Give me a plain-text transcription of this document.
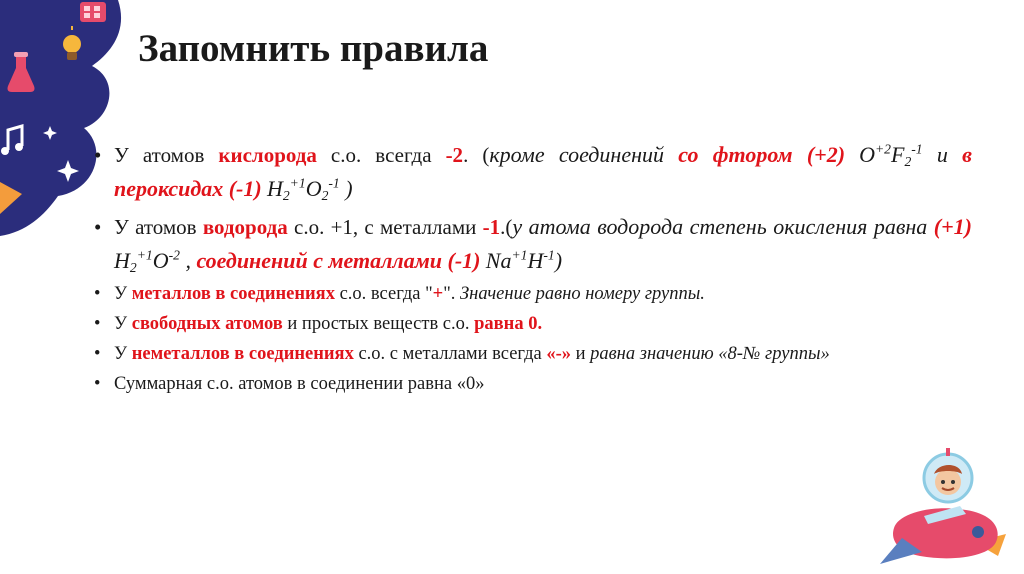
Запомнить правила
• У атомов кислорода с.о. всегда -2. (кроме соединений со фтором (+2) $O^{+2}F_2^{-1}$ и в пероксидах (-1) $H_2^{+1}O_2^{-1}$ )
• У атомов водорода с.о. +1, с металлами -1.(у атома водорода степень окисления равна (+1) $H_2^{+1}O^{-2}$ , соединений с металлами (-1) $Na^{+1}H^{-1}$)
• У металлов в соединениях с.о. всегда "+". Значение равно номеру группы.
• У свободных атомов и простых веществ с.о. равна 0.
• У неметаллов в соединениях с.о. с металлами всегда «-» и равна значению «8-№ группы»
• Суммарная с.о. атомов в соединении равна «0»
